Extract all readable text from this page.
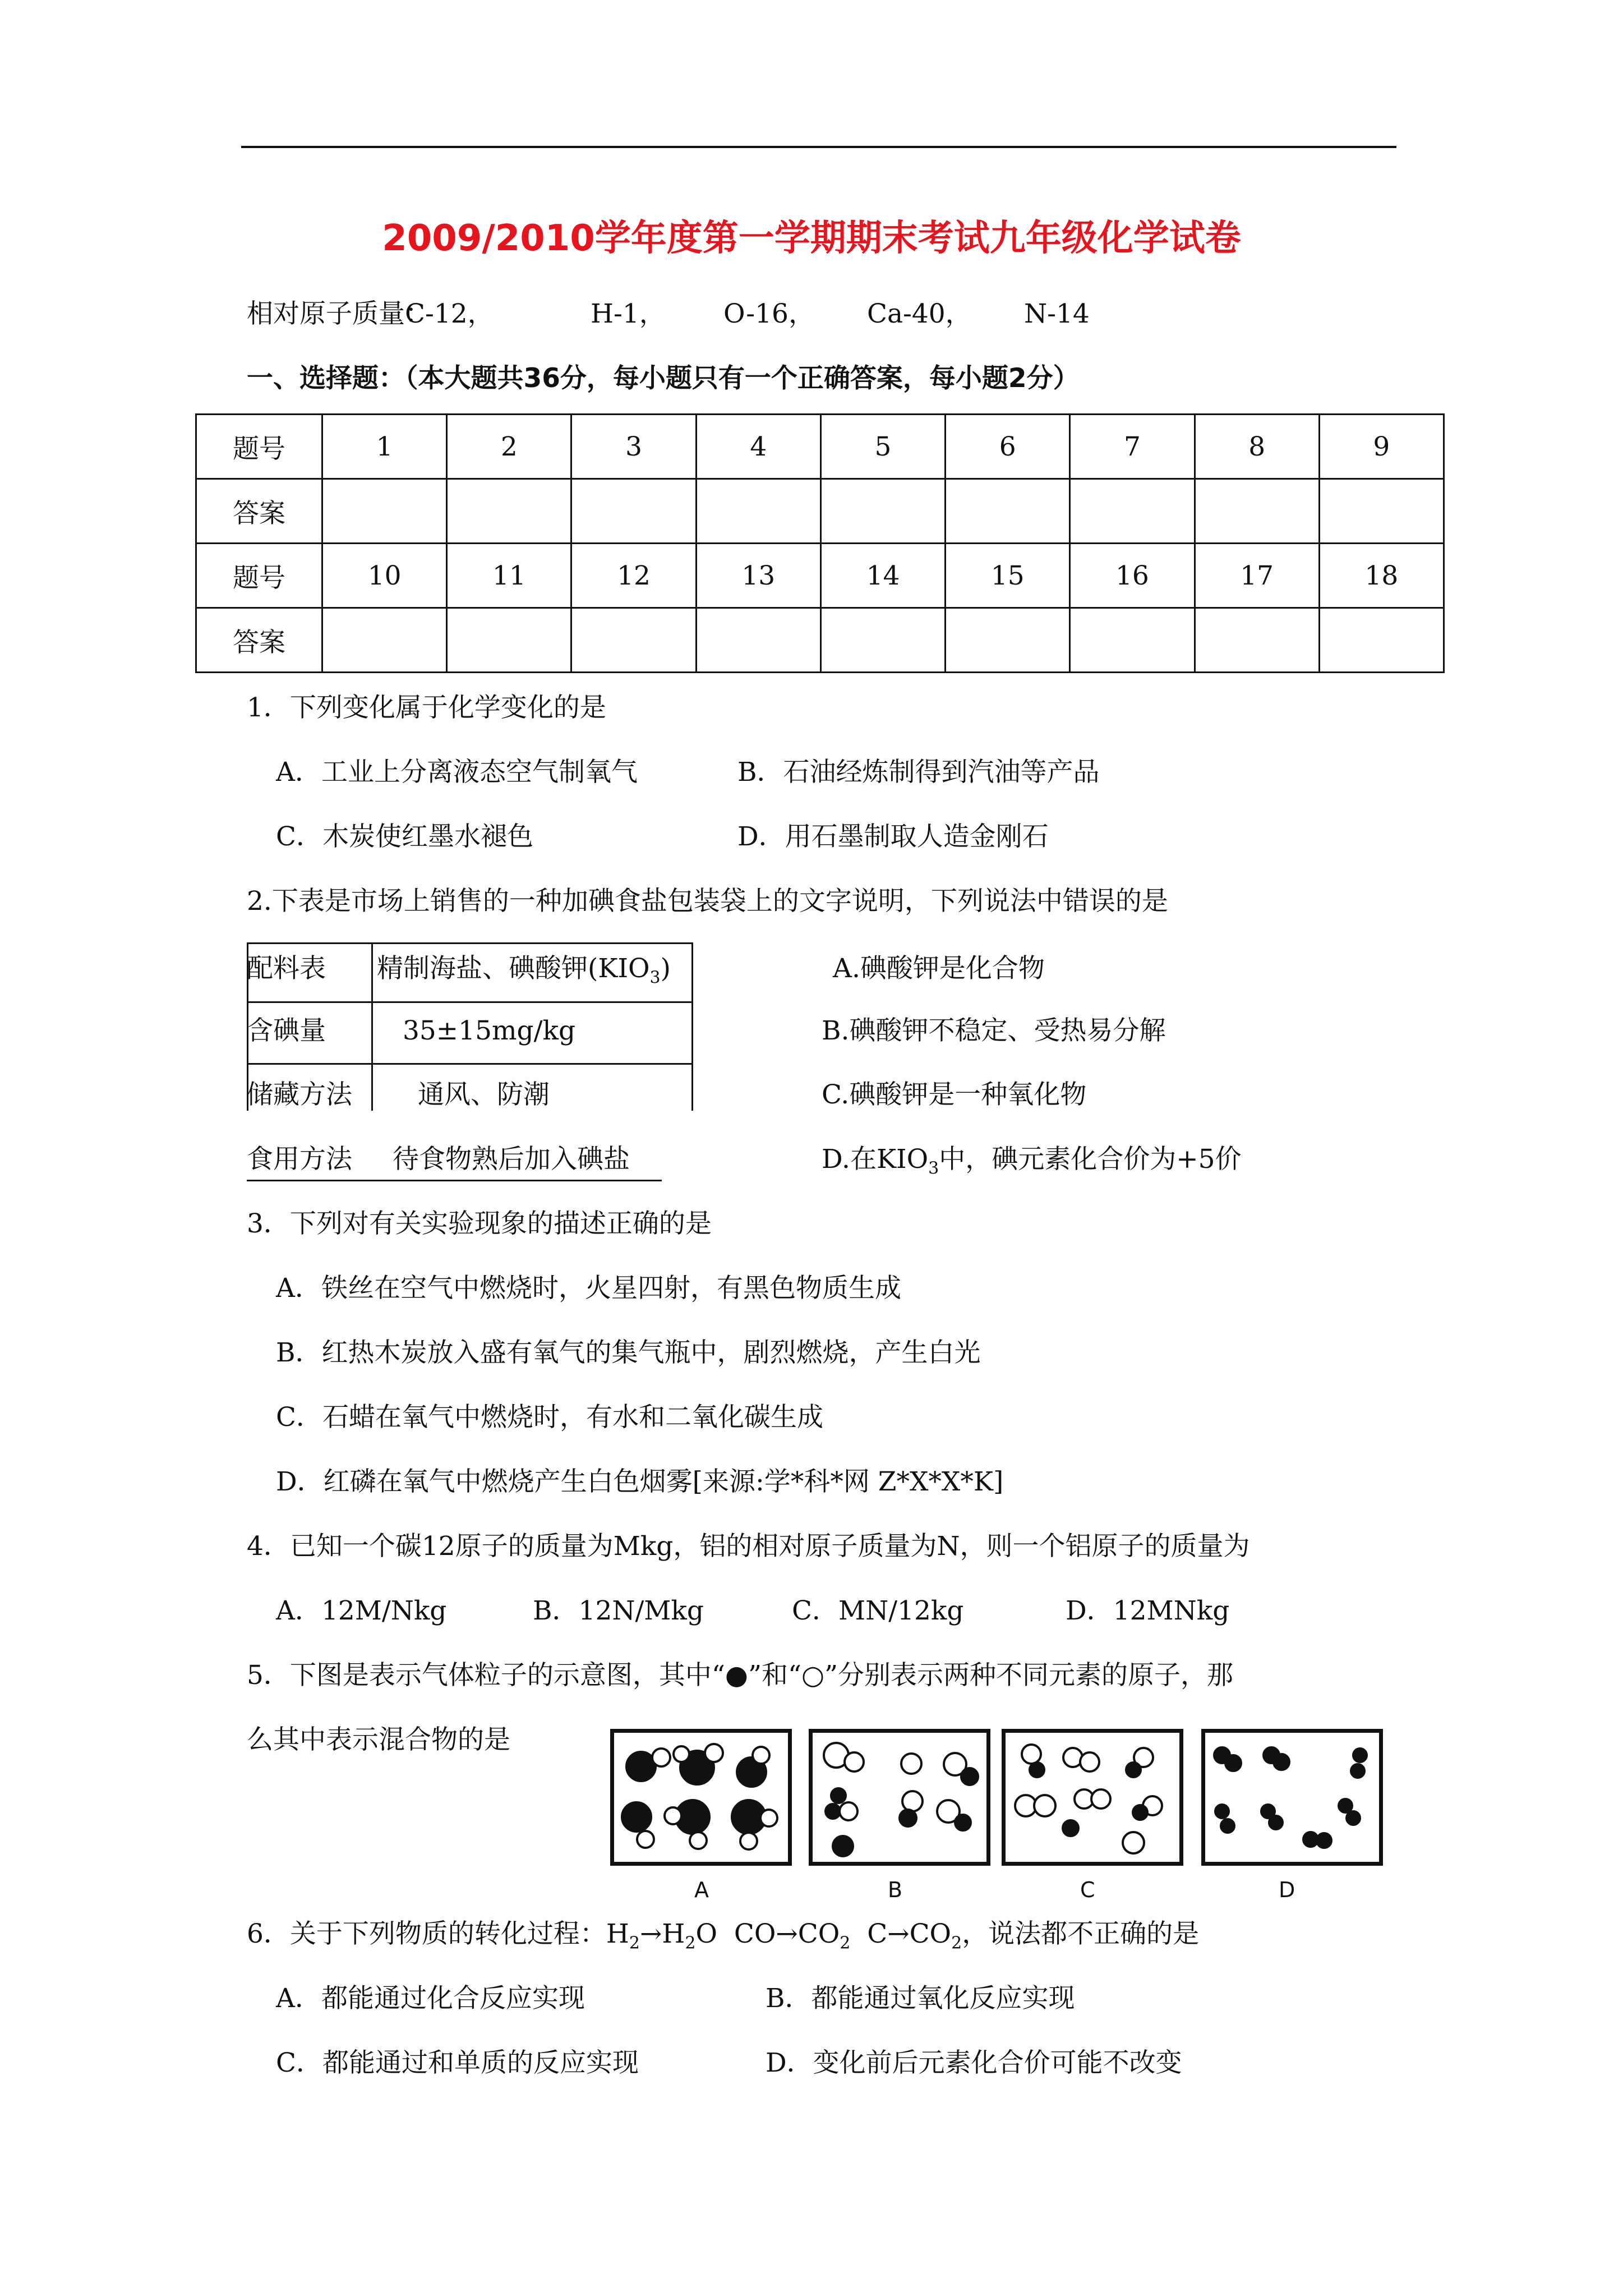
2009/2010学年度第一学期期末考试九年级化学试卷
相对原子质量：
C-12，	H-1， O-16， Ca-40， N-14
一、选择题：（本大题共36分，每小题只有一个正确答案，每小题2分）
题号	1	2	3	4	5	6	7	8	9
答案									
题号	10	11	12	13	14	15	16	17	18
答案									
1．下列变化属于化学变化的是
A．工业上分离液态空气制氧气	B．石油经炼制得到汽油等产品
C．木炭使红墨水褪色	D．用石墨制取人造金刚石
2.下表是市场上销售的一种加碘食盐包装袋上的文字说明，下列说法中错误的是
配料表 精制海盐、碘酸钾$(KIO_3)$
含碘量	35±15mg/kg
储藏方法 通风、防潮
食用方法 待食物熟后加入碘盐
A.碘酸钾是化合物
B.碘酸钾不稳定、受热易分解
C.碘酸钾是一种氧化物
D.在$KIO_3$中，碘元素化合价为+5价
3．下列对有关实验现象的描述正确的是
A．铁丝在空气中燃烧时，火星四射，有黑色物质生成
B．红热木炭放入盛有氧气的集气瓶中，剧烈燃烧，产生白光
C．石蜡在氧气中燃烧时，有水和二氧化碳生成
D．红磷在氧气中燃烧产生白色烟雾[来源:学*科*网 Z*X*X*K]
4．已知一个碳12原子的质量为Mkg，铝的相对原子质量为N，则一个铝原子的质量为
A．12M/Nkg	B．12N/Mkg	C．MN/12kg	D．12MNkg
5．下图是表示气体粒子的示意图，其中“●”和“○”分别表示两种不同元素的原子，那
么其中表示混合物的是
A	B	C	D
6．关于下列物质的转化过程：$H_2\to H_2O$ $CO\to CO_2$ $C\to CO_2$，说法都不正确的是
A．都能通过化合反应实现	B．都能通过氧化反应实现
C．都能通过和单质的反应实现	D．变化前后元素化合价可能不改变
